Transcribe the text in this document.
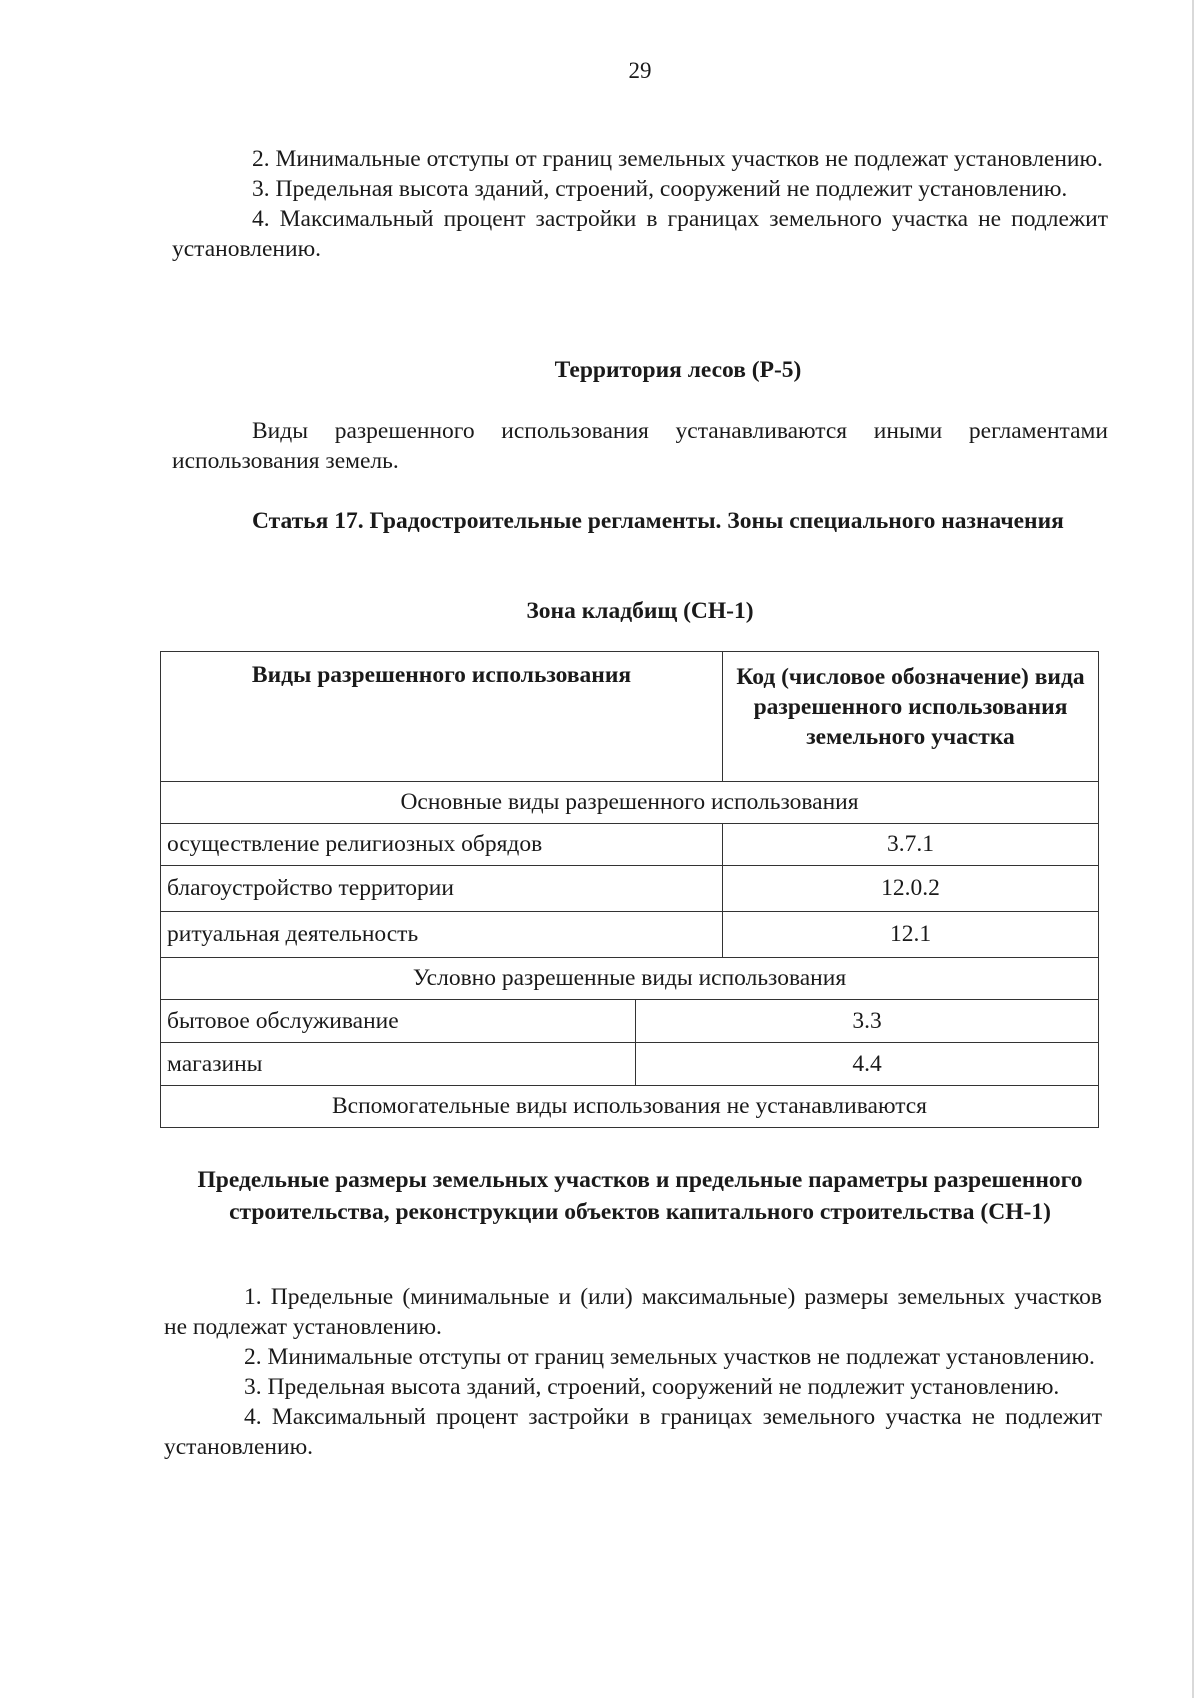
29

2. Минимальные отступы от границ земельных участков не подлежат установлению.

3. Предельная высота зданий, строений, сооружений не подлежит установлению.

4. Максимальный процент застройки в границах земельного участка не подлежит установлению.

Территория лесов (Р-5)

Виды разрешенного использования устанавливаются иными регламентами использования земель.

Статья 17. Градостроительные регламенты. Зоны специального назначения

Зона кладбищ (СН-1)
Виды разрешенного использования	Код (числовое обозначение) вида разрешенного использования земельного участка
Основные виды разрешенного использования	
осуществление религиозных обрядов	3.7.1
благоустройство территории	12.0.2
ритуальная деятельность	12.1
Условно разрешенные виды использования	

бытовое обслуживание 3.3	

магазины 4.4	

Вспомогательные виды использования не устанавливаются	
Предельные размеры земельных участков и предельные параметры разрешенного строительства, реконструкции объектов капитального строительства (СН-1)

1. Предельные (минимальные и (или) максимальные) размеры земельных участков не подлежат установлению.

2. Минимальные отступы от границ земельных участков не подлежат установлению.

3. Предельная высота зданий, строений, сооружений не подлежит установлению.

4. Максимальный процент застройки в границах земельного участка не подлежит установлению.
